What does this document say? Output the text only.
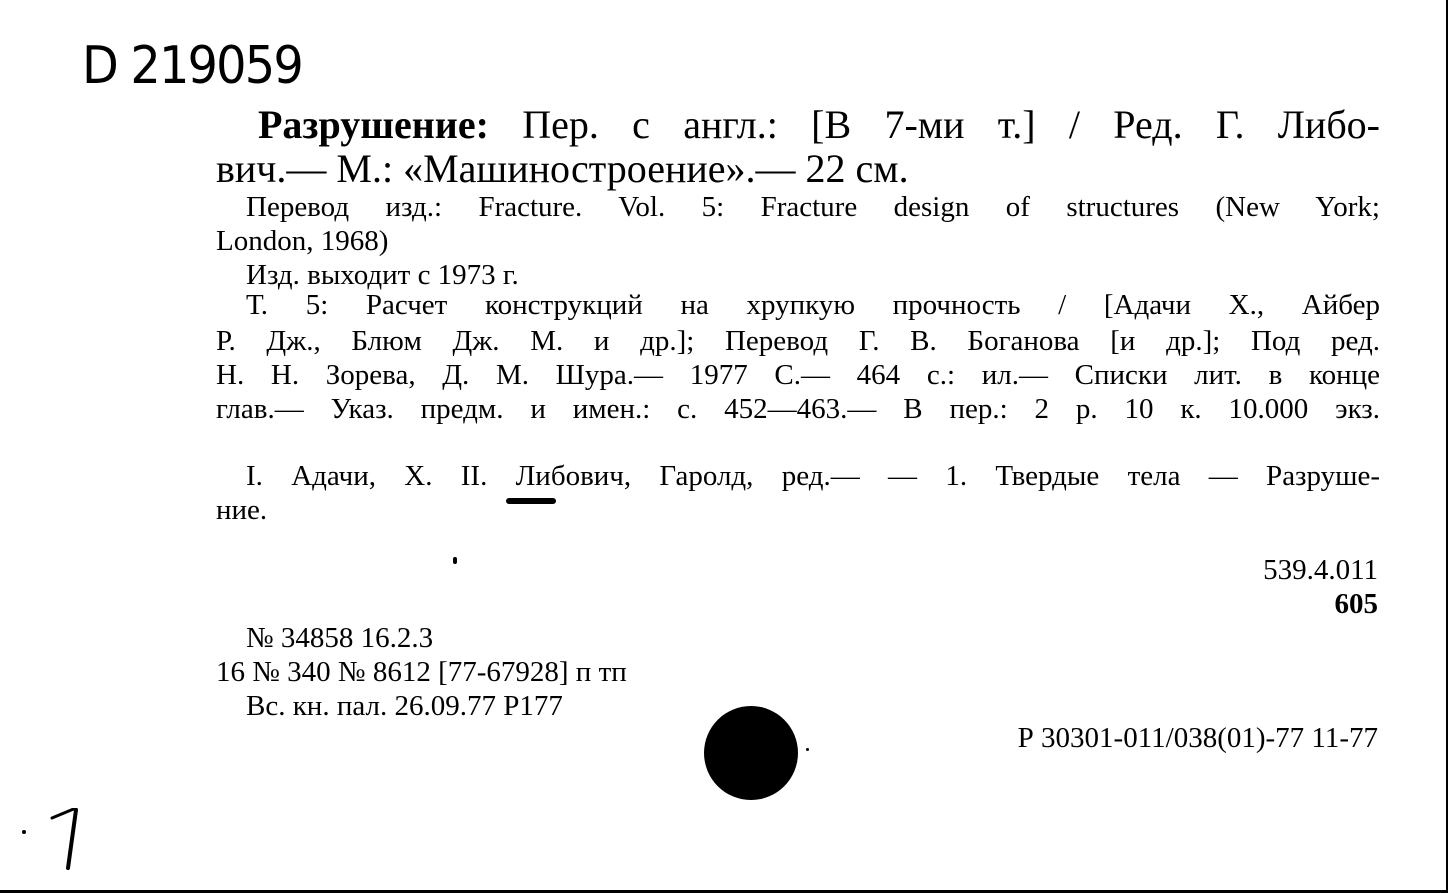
D 219059
Разрушение: Пер. с англ.: [В 7-ми т.] / Ред. Г. Либо-
вич.— М.: «Машиностроение».— 22 см.
Перевод изд.: Fracture. Vol. 5: Fracture design of structures (New York;
London, 1968)
Изд. выходит с 1973 г.
Т. 5: Расчет конструкций на хрупкую прочность / [Адачи Х., Айбер
Р. Дж., Блюм Дж. М. и др.]; Перевод Г. В. Боганова [и др.]; Под ред.
Н. Н. Зорева, Д. М. Шура.— 1977 С.— 464 с.: ил.— Списки лит. в конце
глав.— Указ. предм. и имен.: с. 452—463.— В пер.: 2 р. 10 к. 10.000 экз.
I. Адачи, Х. II. Либович, Гаролд, ред.— — 1. Твердые тела — Разруше-
ние.
539.4.011
605
№ 34858 16.2.3
16 № 340 № 8612 [77-67928] п тп
Вс. кн. пал. 26.09.77 Р177
Р 30301-011/038(01)-77 11-77
